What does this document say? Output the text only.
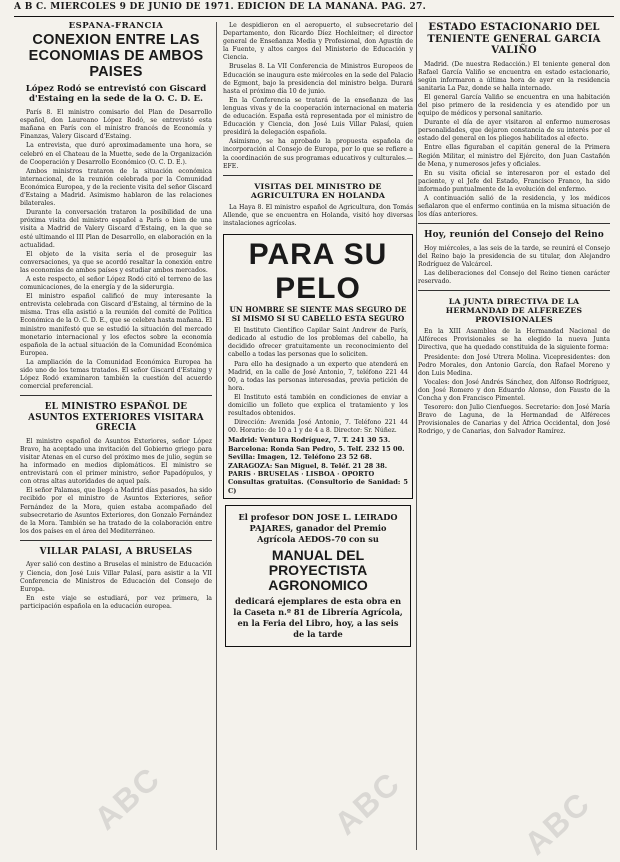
A B C. MIERCOLES 9 DE JUNIO DE 1971. EDICION DE LA MAÑANA. PAG. 27.
ESPAÑA-FRANCIA
CONEXION ENTRE LAS ECONOMIAS DE AMBOS PAISES
López Rodó se entrevistó con Giscard d'Estaing en la sede de la O. C. D. E.

París 8. El ministro comisario del Plan de Desarrollo español, don Laureano López Rodó, se entrevistó esta mañana en París con el ministro francés de Economía y Finanzas, Valery Giscard d'Estaing.

La entrevista, que duró aproximadamente una hora, se celebró en el Chateau de la Muette, sede de la Organización de Cooperación y Desarrollo Económico (O. C. D. E.).

Ambos ministros trataron de la situación económica internacional, de la reunión celebrada por la Comunidad Económica Europea, y de la reciente visita del señor Giscard d'Estaing a Madrid. Asimismo hablaron de las relaciones bilaterales.

Durante la conversación trataron la posibilidad de una próxima visita del ministro español a París o bien de una visita a Madrid de Valery Giscard d'Estaing, en la que se esté ultimando el III Plan de Desarrollo, en elaboración en la actualidad.

El objeto de la visita sería el de proseguir las conversaciones, ya que se acordó resaltar la conexión entre las economías de ambos países y estudiar ambos mercados.

A este respecto, el señor López Rodó citó el terreno de las comunicaciones, de la energía y de la siderurgia.

El ministro español calificó de muy interesante la entrevista celebrada con Giscard d'Estaing, al término de la misma. Tras ella asistió a la reunión del comité de Política Económica de la O. C. D. E., que se celebra hasta mañana. El ministro manifestó que se estudió la situación del mercado monetario internacional y los efectos sobre la economía española de la actual situación de la Comunidad Económica Europea.

La ampliación de la Comunidad Económica Europea ha sido uno de los temas tratados. El señor Giscard d'Estaing y López Rodó examinaron también la cuestión del acuerdo comercial preferencial.

EL MINISTRO ESPAÑOL DE ASUNTOS EXTERIORES VISITARA GRECIA

El ministro español de Asuntos Exteriores, señor López Bravo, ha aceptado una invitación del Gobierno griego para visitar Atenas en el curso del próximo mes de julio, según se ha informado en medios diplomáticos. El ministro se entrevistará con el primer ministro, señor Papadópulos, y con otras altas autoridades de aquel país.

El señor Palamas, que llegó a Madrid días pasados, ha sido recibido por el ministro de Asuntos Exteriores, señor Fernández de la Mora, quien estaba acompañado del subsecretario de Asuntos Exteriores, don Gonzalo Fernández de la Mora. También se ha tratado de la colaboración entre los dos países en el área del Mediterráneo.

VILLAR PALASI, A BRUSELAS

Ayer salió con destino a Bruselas el ministro de Educación y Ciencia, don José Luis Villar Palasí, para asistir a la VII Conferencia de Ministros de Educación del Consejo de Europa.

En este viaje se estudiará, por vez primera, la participación española en la educación europea.

Le despidieron en el aeropuerto, el subsecretario del Departamento, don Ricardo Díez Hochleitner; el director general de Enseñanza Media y Profesional, don Agustín de la Fuente, y altos cargos del Ministerio de Educación y Ciencia.

Bruselas 8. La VII Conferencia de Ministros Europeos de Educación se inaugura este miércoles en la sede del Palacio de Egmont, bajo la presidencia del ministro belga. Durará hasta el próximo día 10 de junio.

En la Conferencia se tratará de la enseñanza de las lenguas vivas y de la cooperación internacional en materia de educación. España está representada por el ministro de Educación y Ciencia, don José Luis Villar Palasí, quien presidirá la delegación española.

Asimismo, se ha aprobado la propuesta española de incorporación al Consejo de Europa, por lo que se refiere a la coordinación de sus programas educativos y culturales.— EFE.

VISITAS DEL MINISTRO DE AGRICULTURA EN HOLANDA

La Haya 8. El ministro español de Agricultura, don Tomás Allende, que se encuentra en Holanda, visitó hoy diversas instalaciones agrícolas.

PARA SU PELO
UN HOMBRE SE SIENTE MAS SEGURO DE SI MISMO SI SU CABELLO ESTA SEGURO

El Instituto Científico Capilar Saint Andrew de París, dedicado al estudio de los problemas del cabello, ha decidido ofrecer gratuitamente un reconocimiento del cabello a todas las personas que lo soliciten.

Para ello ha designado a un experto que atenderá en Madrid, en la calle de José Antonio, 7, teléfono 221 44 00, a todas las personas interesadas, previa petición de hora.

El Instituto está también en condiciones de enviar a domicilio un folleto que explica el tratamiento y los resultados obtenidos.

Dirección: Avenida José Antonio, 7. Teléfono 221 44 00. Horario: de 10 a 1 y de 4 a 8. Director: Sr. Núñez.

Madrid: Ventura Rodríguez, 7. T. 241 30 53.
Barcelona: Ronda San Pedro, 5. Telf. 232 15 00.
Sevilla: Imagen, 12. Teléfono 23 52 68.
ZARAGOZA: San Miguel, 8. Teléf. 21 28 38.
PARIS · BRUSELAS · LISBOA · OPORTO
Consultas gratuitas. (Consultorio de Sanidad: 5 C)
El profesor DON JOSE L. LEIRADO PAJARES, ganador del Premio Agrícola AEDOS-70 con su
MANUAL DEL PROYECTISTA AGRONOMICO
dedicará ejemplares de esta obra en la Caseta n.º 81 de Librería Agrícola, en la Feria del Libro, hoy, a las seis de la tarde
ESTADO ESTACIONARIO DEL TENIENTE GENERAL GARCIA VALIÑO

Madrid. (De nuestra Redacción.) El teniente general don Rafael García Valiño se encuentra en estado estacionario, según informaron a última hora de ayer en la residencia sanitaria La Paz, donde se halla internado.

El general García Valiño se encuentra en una habitación del piso primero de la residencia y es atendido por un equipo de médicos y personal sanitario.

Durante el día de ayer visitaron al enfermo numerosas personalidades, que dejaron constancia de su interés por el estado del general en los pliegos habilitados al efecto.

Entre ellas figuraban el capitán general de la Primera Región Militar, el ministro del Ejército, don Juan Castañón de Mena, y numerosos jefes y oficiales.

En su visita oficial se interesaron por el estado del paciente, y el Jefe del Estado, Francisco Franco, ha sido informado puntualmente de la evolución del enfermo.

A continuación salió de la residencia, y los médicos señalaron que el enfermo continúa en la misma situación de los días anteriores.

Hoy, reunión del Consejo del Reino

Hoy miércoles, a las seis de la tarde, se reunirá el Consejo del Reino bajo la presidencia de su titular, don Alejandro Rodríguez de Valcárcel.

Las deliberaciones del Consejo del Reino tienen carácter reservado.

LA JUNTA DIRECTIVA DE LA HERMANDAD DE ALFEREZES PROVISIONALES

En la XIII Asamblea de la Hermandad Nacional de Alféreces Provisionales se ha elegido la nueva Junta Directiva, que ha quedado constituida de la siguiente forma:

Presidente: don José Utrera Molina. Vicepresidentes: don Pedro Morales, don Antonio García, don Rafael Moreno y don Luis Medina.

Vocales: don José Andrés Sánchez, don Alfonso Rodríguez, don José Romero y don Eduardo Alonso, don Fausto de la Concha y don Francisco Pimentel.

Tesorero: don Julio Cienfuegos. Secretario: don José María Bravo de Laguna, de la Hermandad de Alféreces Provisionales de Canarias y del África Occidental, don José Rodrigo, y de Canarias, don Salvador Ramírez.

ABC	ABC	ABC
